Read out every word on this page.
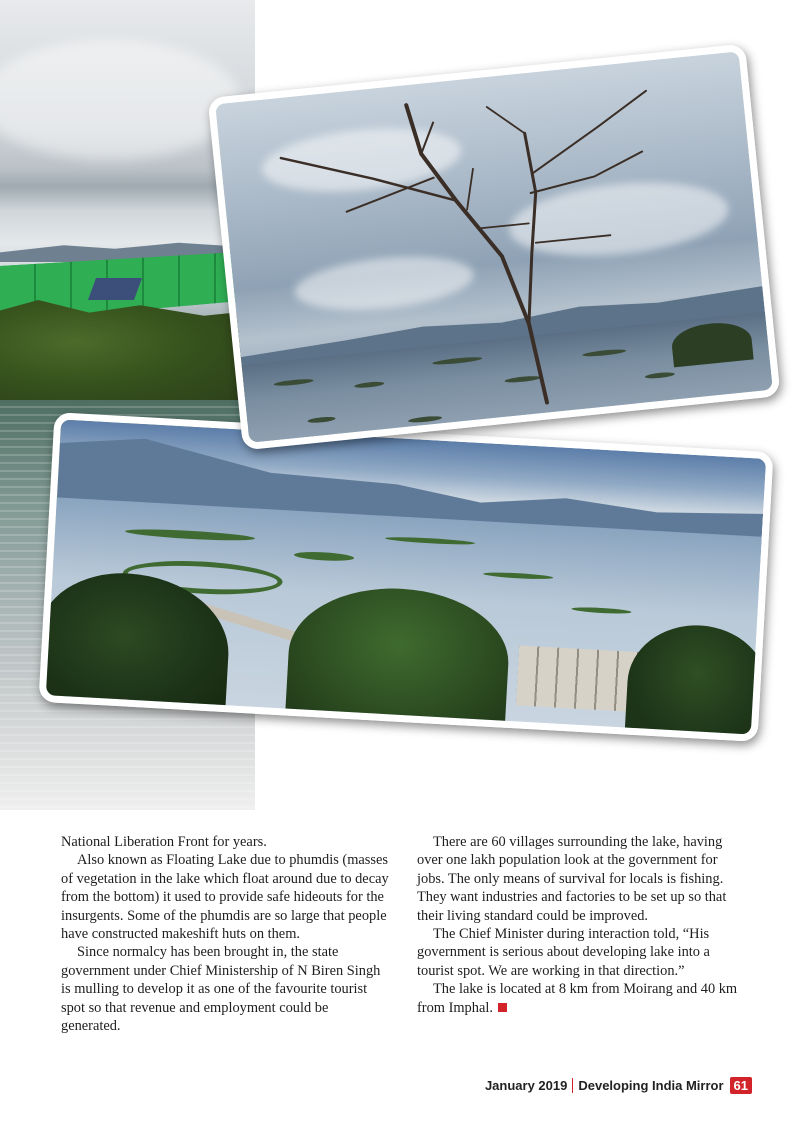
National Liberation Front for years.

Also known as Floating Lake due to phumdis (masses of vegetation in the lake which float around due to decay from the bottom) it used to provide safe hideouts for the insurgents. Some of the phumdis are so large that people have constructed makeshift huts on them.

Since normalcy has been brought in, the state government under Chief Ministership of N Biren Singh is mulling to develop it as one of the favourite tourist spot so that revenue and employment could be generated.

There are 60 villages surrounding the lake, having over one lakh population look at the government for jobs. The only means of survival for locals is fishing. They want industries and factories to be set up so that their living standard could be improved.

The Chief Minister during interaction told, “His government is serious about developing lake into a tourist spot. We are working in that direction.”

The lake is located at 8 km from Moirang and 40 km from Imphal.

January 2019 Developing India Mirror 61
